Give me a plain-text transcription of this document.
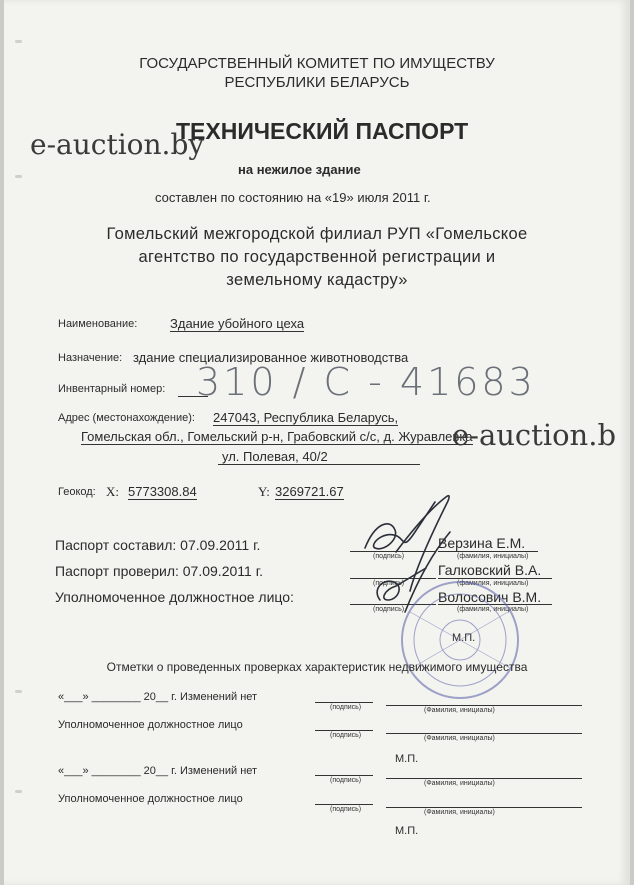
ГОСУДАРСТВЕННЫЙ КОМИТЕТ ПО ИМУЩЕСТВУ
РЕСПУБЛИКИ БЕЛАРУСЬ
ТЕХНИЧЕСКИЙ ПАСПОРТ
e-auction.by
на нежилое здание
составлен по состоянию на «19» июля 2011 г.
Гомельский межгородской филиал РУП «Гомельское
агентство по государственной регистрации и
земельному кадастру»
Наименование:	Здание убойного цеха
Назначение: здание специализированное животноводства
Инвентарный номер: 310 / С - 41683
Адрес (местонахождение): 247043, Республика Беларусь,
Гомельская обл., Гомельский р-н, Грабовский с/с, д. Журавлевка
e-auction.b
ул. Полевая, 40/2
Геокод: X: 5773308.84	Y: 3269721.67
Паспорт составил: 07.09.2011 г.
(подпись)
Верзина Е.М.
(фамилия, инициалы)
Паспорт проверил: 07.09.2011 г.
(подпись)
Галковский В.А.
(фамилия, инициалы)
Уполномоченное должностное лицо:
(подпись)
Волосович В.М.
(фамилия, инициалы)
М.П.
Отметки о проведенных проверках характеристик недвижимого имущества
«___» ________ 20__ г. Изменений нет
(подпись)	(Фамилия, инициалы)
Уполномоченное должностное лицо
(подпись)	(Фамилия, инициалы)
М.П.
«___» ________ 20__ г. Изменений нет
(подпись)	(Фамилия, инициалы)
Уполномоченное должностное лицо
(подпись)	(Фамилия, инициалы)
М.П.
